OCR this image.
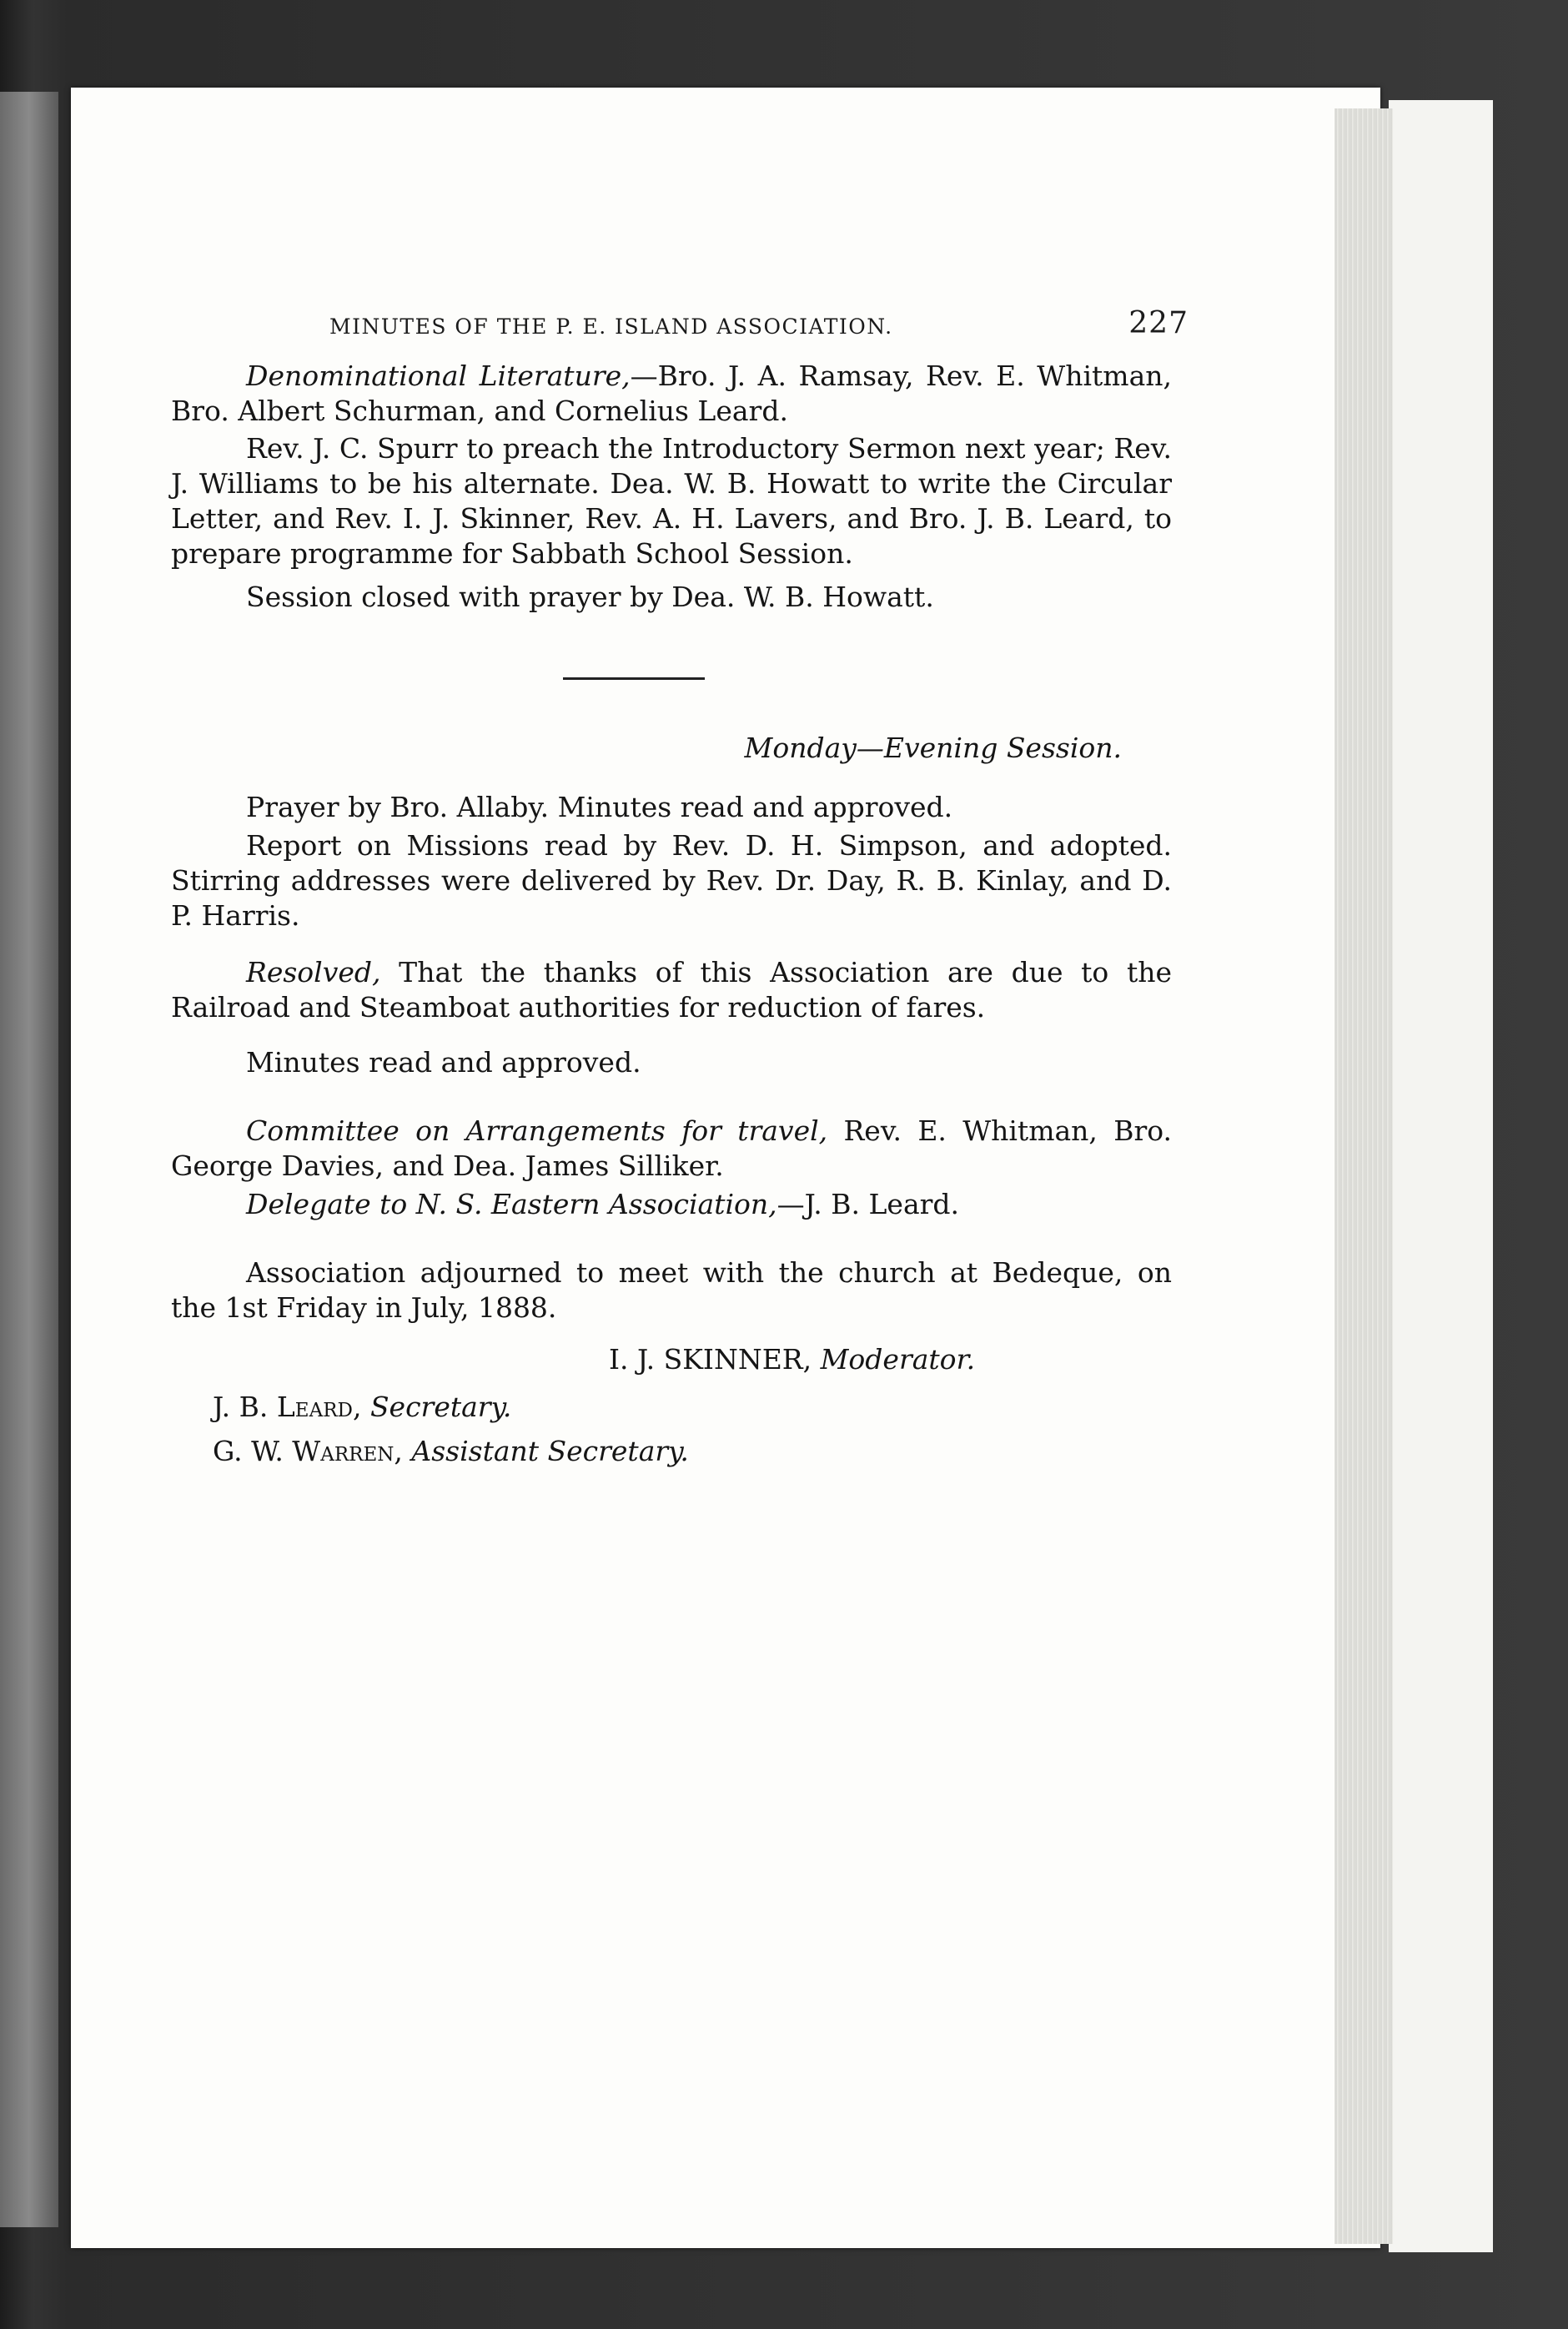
MINUTES OF THE P. E. ISLAND ASSOCIATION.	227

Denominational Literature,—Bro. J. A. Ramsay, Rev. E. Whitman, Bro. Albert Schurman, and Cornelius Leard.

Rev. J. C. Spurr to preach the Introductory Sermon next year; Rev. J. Williams to be his alternate. Dea. W. B. Howatt to write the Circular Letter, and Rev. I. J. Skinner, Rev. A. H. Lavers, and Bro. J. B. Leard, to prepare programme for Sabbath School Session.

Session closed with prayer by Dea. W. B. Howatt.

Monday—Evening Session.

Prayer by Bro. Allaby. Minutes read and approved.

Report on Missions read by Rev. D. H. Simpson, and adopted. Stirring addresses were delivered by Rev. Dr. Day, R. B. Kinlay, and D. P. Harris.

Resolved, That the thanks of this Association are due to the Railroad and Steamboat authorities for reduction of fares.

Minutes read and approved.

Committee on Arrangements for travel, Rev. E. Whitman, Bro. George Davies, and Dea. James Silliker.

Delegate to N. S. Eastern Association,—J. B. Leard.

Association adjourned to meet with the church at Bedeque, on the 1st Friday in July, 1888.

I. J. SKINNER, Moderator.
J. B. Leard, Secretary.
G. W. Warren, Assistant Secretary.
